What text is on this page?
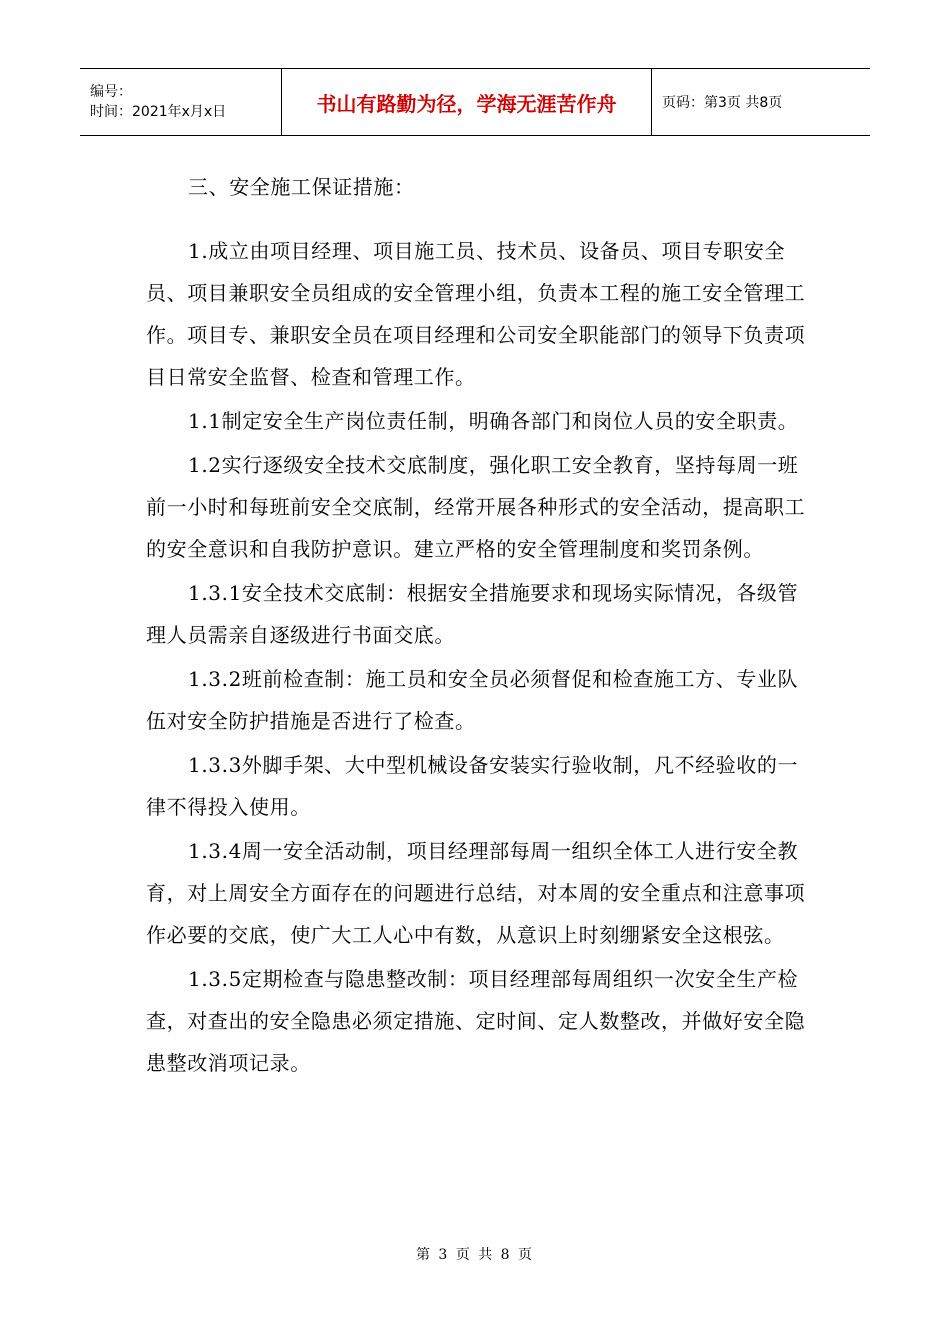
编号：
时间：2021年x月x日	书山有路勤为径，学海无涯苦作舟	页码：第3页 共8页

三、安全施工保证措施：

1.成立由项目经理、项目施工员、技术员、设备员、项目专职安全员、项目兼职安全员组成的安全管理小组，负责本工程的施工安全管理工作。项目专、兼职安全员在项目经理和公司安全职能部门的领导下负责项目日常安全监督、检查和管理工作。

1.1制定安全生产岗位责任制，明确各部门和岗位人员的安全职责。

1.2实行逐级安全技术交底制度，强化职工安全教育，坚持每周一班前一小时和每班前安全交底制，经常开展各种形式的安全活动，提高职工的安全意识和自我防护意识。建立严格的安全管理制度和奖罚条例。

1.3.1安全技术交底制：根据安全措施要求和现场实际情况，各级管理人员需亲自逐级进行书面交底。

1.3.2班前检查制：施工员和安全员必须督促和检查施工方、专业队伍对安全防护措施是否进行了检查。

1.3.3外脚手架、大中型机械设备安装实行验收制，凡不经验收的一律不得投入使用。

1.3.4周一安全活动制，项目经理部每周一组织全体工人进行安全教育，对上周安全方面存在的问题进行总结，对本周的安全重点和注意事项作必要的交底，使广大工人心中有数，从意识上时刻绷紧安全这根弦。

1.3.5定期检查与隐患整改制：项目经理部每周组织一次安全生产检查，对查出的安全隐患必须定措施、定时间、定人数整改，并做好安全隐患整改消项记录。

第 3 页 共 8 页
